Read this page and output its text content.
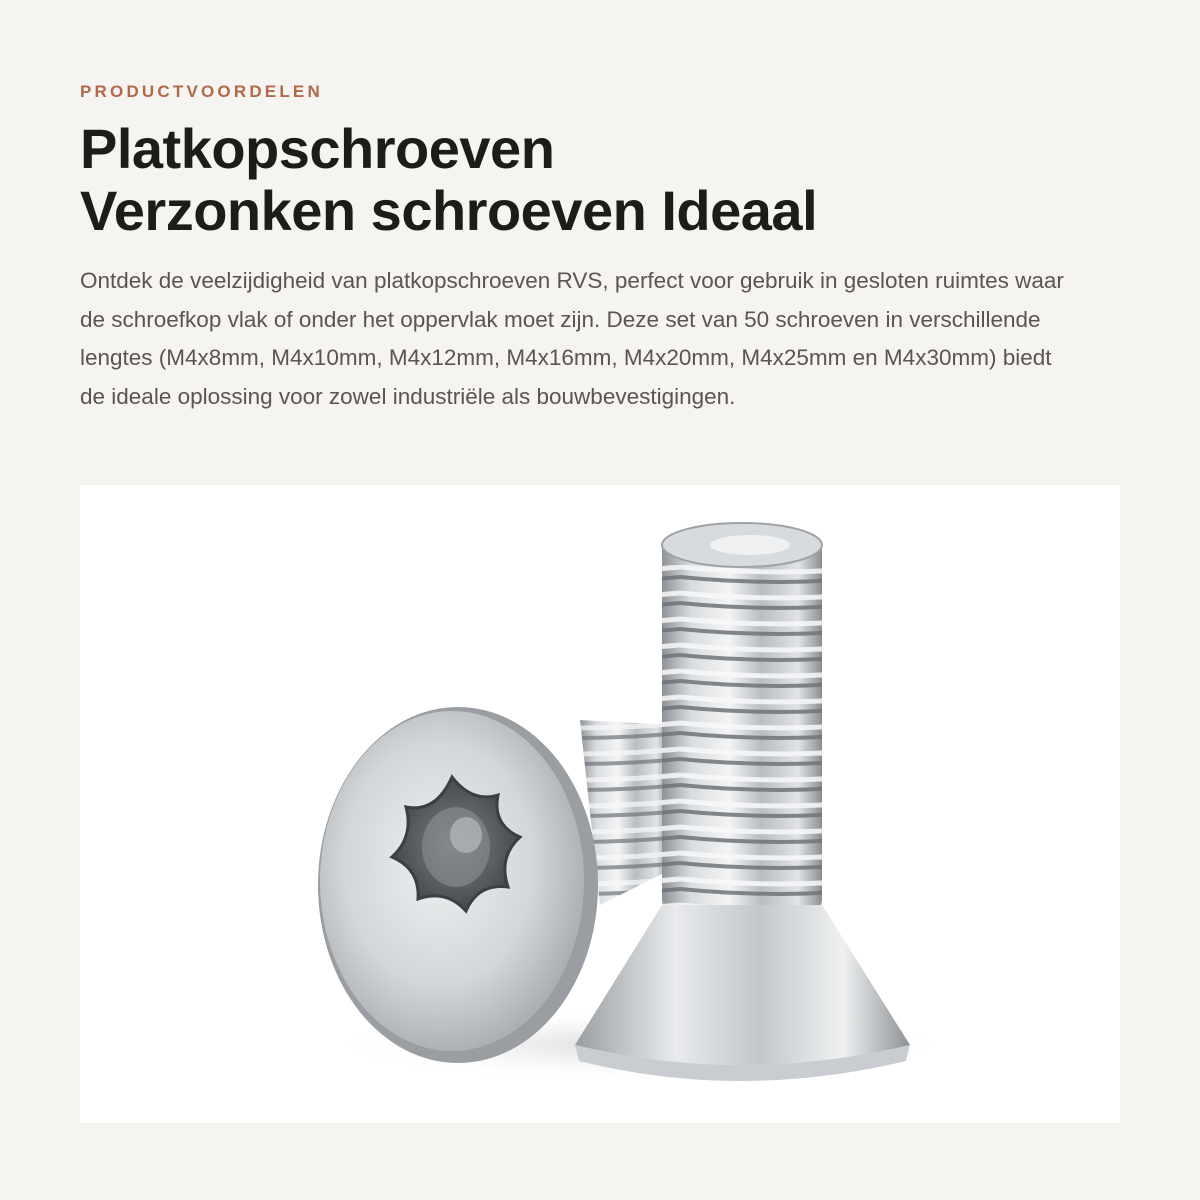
PRODUCTVOORDELEN

Platkopschroeven
Verzonken schroeven Ideaal

Ontdek de veelzijdigheid van platkopschroeven RVS, perfect voor gebruik in gesloten ruimtes waar de schroefkop vlak of onder het oppervlak moet zijn. Deze set van 50 schroeven in verschillende lengtes (M4x8mm, M4x10mm, M4x12mm, M4x16mm, M4x20mm, M4x25mm en M4x30mm) biedt de ideale oplossing voor zowel industriële als bouwbevestigingen.
